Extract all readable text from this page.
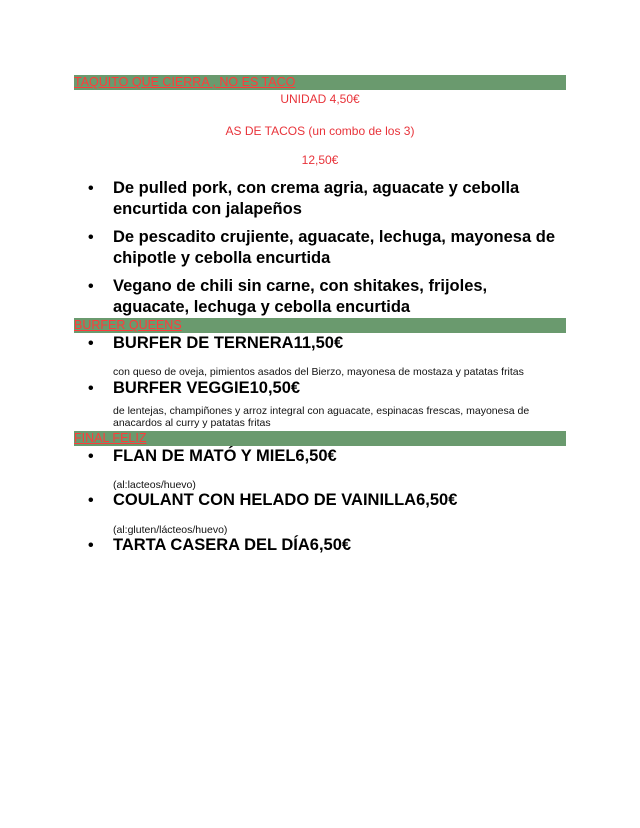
TAQUITO QUE CIERRA , NO ES TACO
UNIDAD 4,50€
AS DE TACOS (un combo de los 3)
12,50€
• De pulled pork, con crema agria, aguacate y cebolla encurtida con jalapeños
• De pescadito crujiente, aguacate, lechuga, mayonesa de chipotle y cebolla encurtida
• Vegano de chili sin carne, con shitakes, frijoles, aguacate, lechuga y cebolla encurtida
BURFER QUEENS
• BURFER DE TERNERA11,50€
con queso de oveja, pimientos asados del Bierzo, mayonesa de mostaza y patatas fritas
• BURFER VEGGIE10,50€
de lentejas, champiñones y arroz integral con aguacate, espinacas frescas, mayonesa de anacardos al curry y patatas fritas
FINAL FELIZ
• FLAN DE MATÓ Y MIEL6,50€
(al:lacteos/huevo)
• COULANT CON HELADO DE VAINILLA6,50€
(al:gluten/lácteos/huevo)
• TARTA CASERA DEL DÍA6,50€
